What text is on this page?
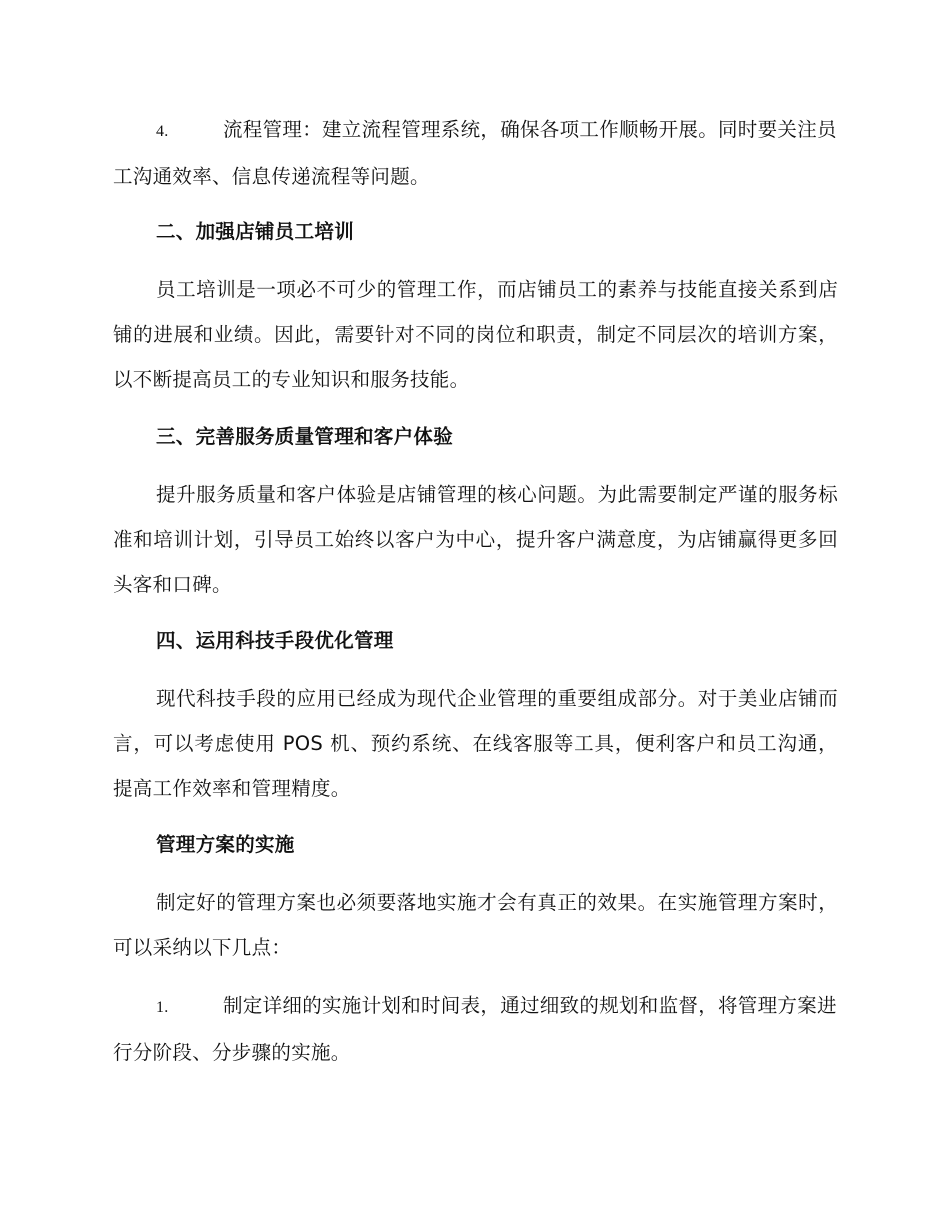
4.	流程管理：建立流程管理系统，确保各项工作顺畅开展。同时要关注员工沟通效率、信息传递流程等问题。
二、加强店铺员工培训
员工培训是一项必不可少的管理工作，而店铺员工的素养与技能直接关系到店铺的进展和业绩。因此，需要针对不同的岗位和职责，制定不同层次的培训方案，以不断提高员工的专业知识和服务技能。
三、完善服务质量管理和客户体验
提升服务质量和客户体验是店铺管理的核心问题。为此需要制定严谨的服务标准和培训计划，引导员工始终以客户为中心，提升客户满意度，为店铺赢得更多回头客和口碑。
四、运用科技手段优化管理
现代科技手段的应用已经成为现代企业管理的重要组成部分。对于美业店铺而言，可以考虑使用 POS 机、预约系统、在线客服等工具，便利客户和员工沟通，提高工作效率和管理精度。
管理方案的实施
制定好的管理方案也必须要落地实施才会有真正的效果。在实施管理方案时，可以采纳以下几点：
1.	制定详细的实施计划和时间表，通过细致的规划和监督，将管理方案进行分阶段、分步骤的实施。
